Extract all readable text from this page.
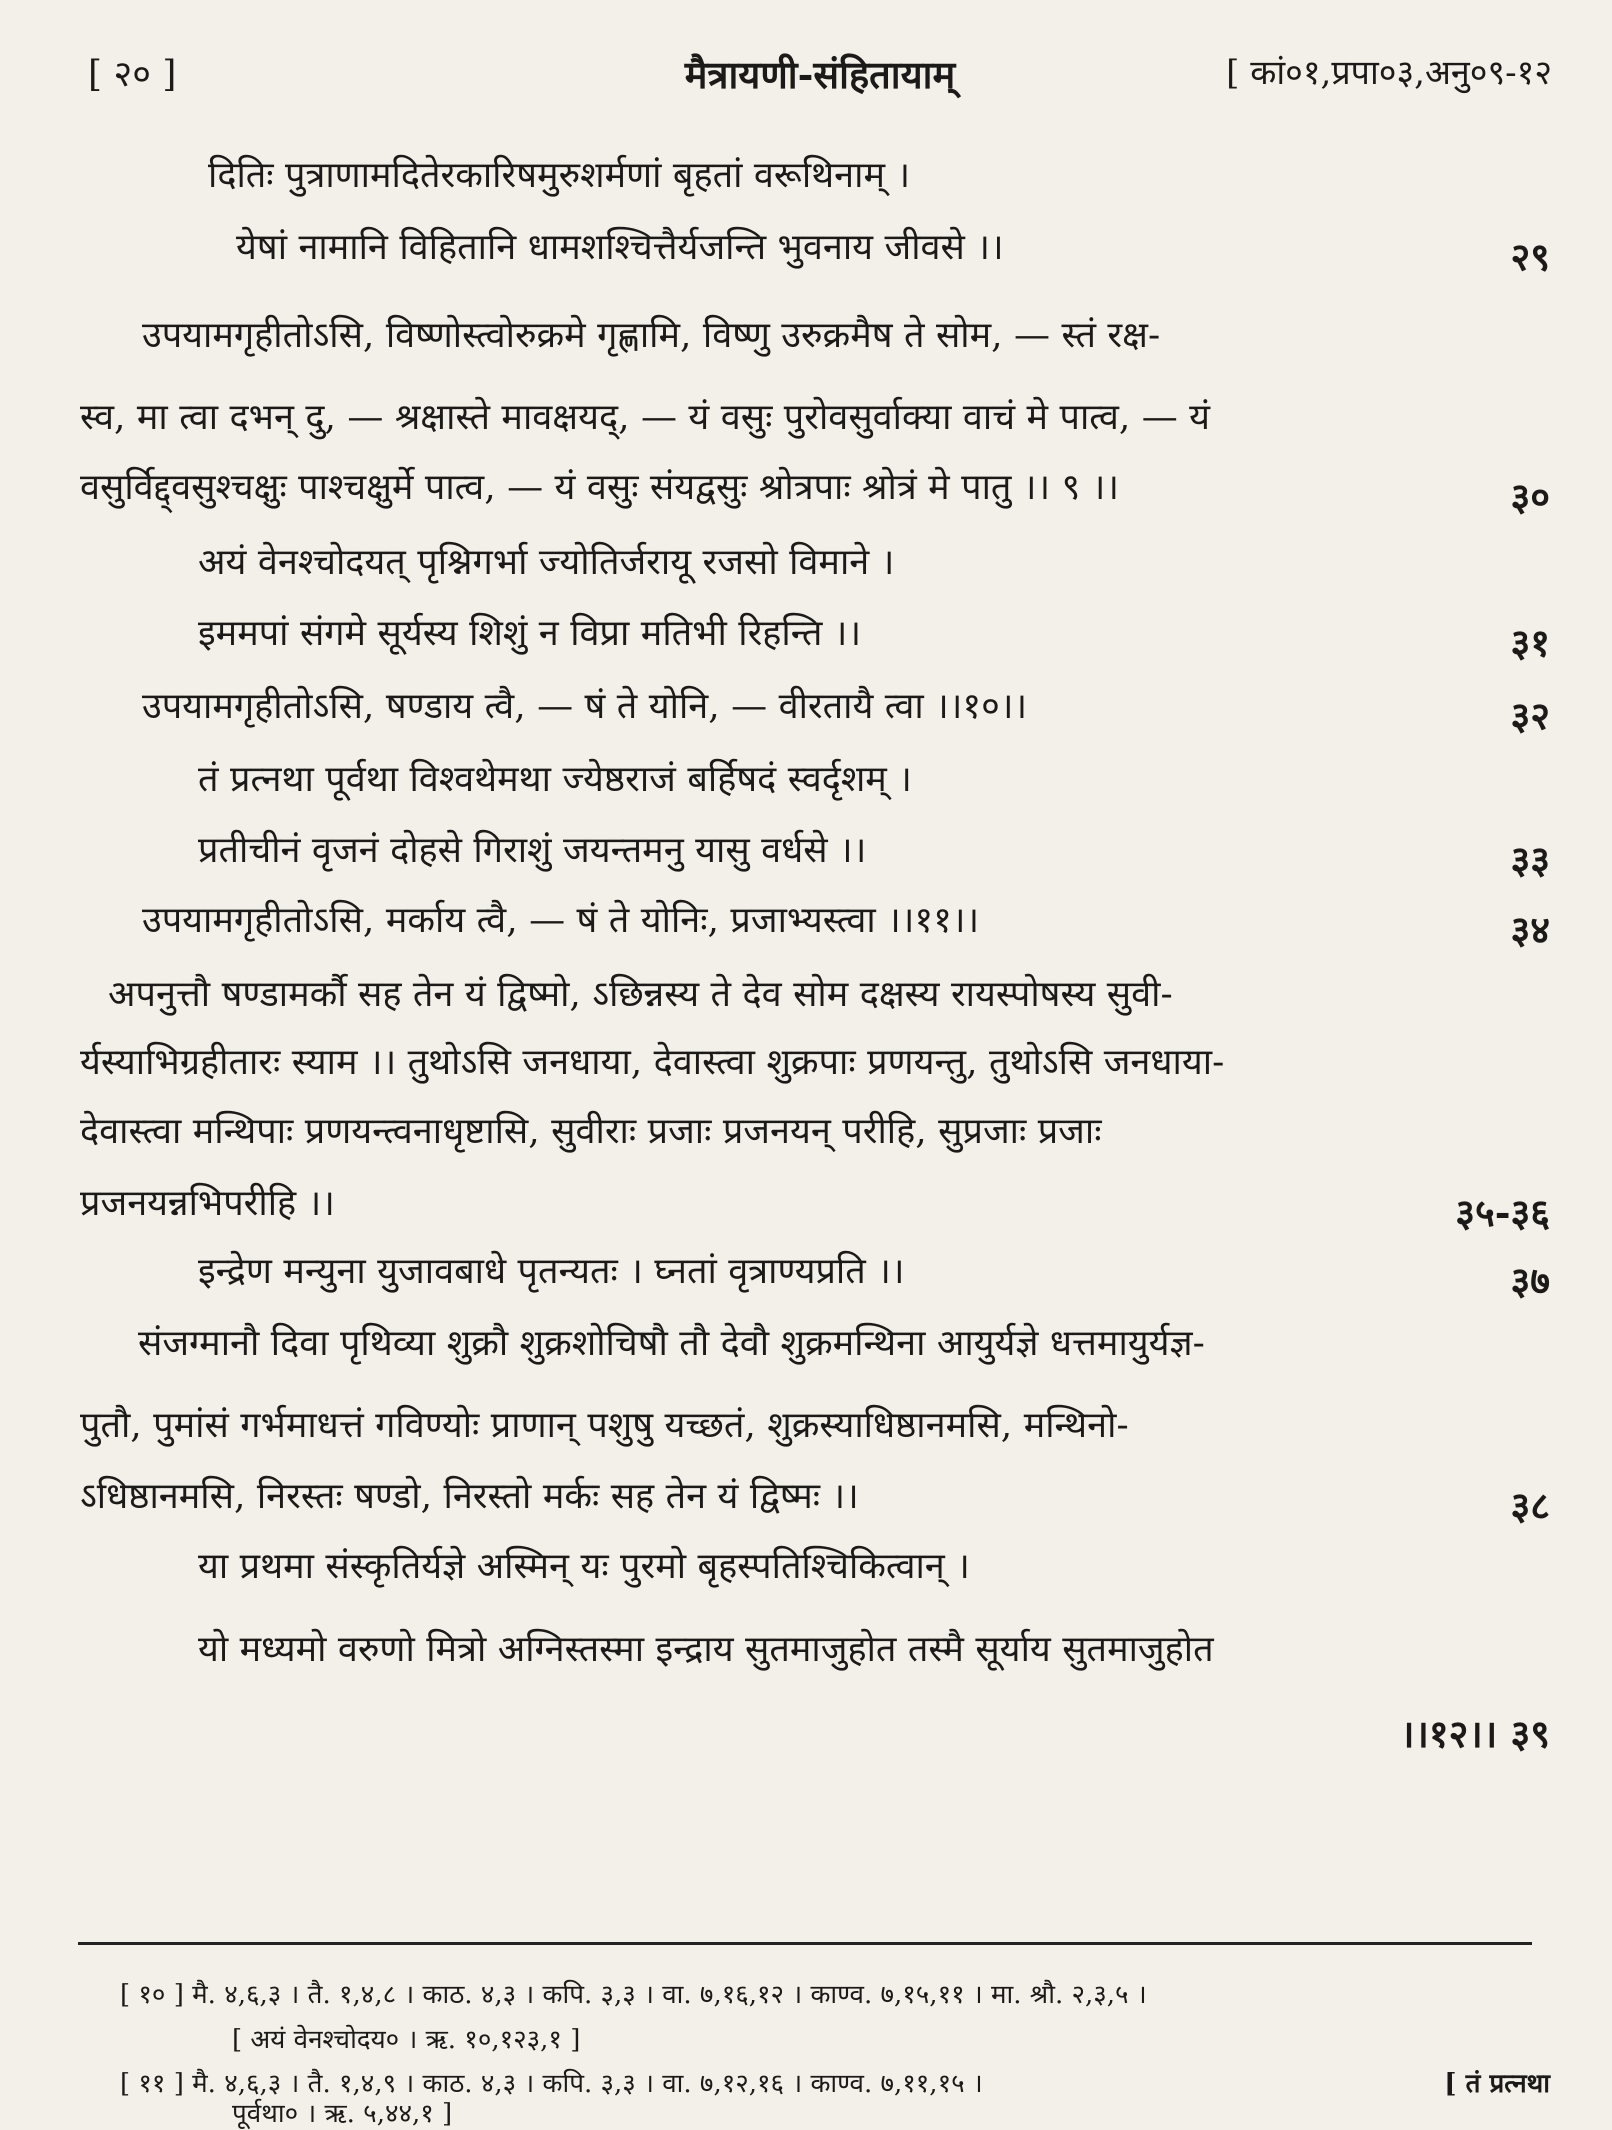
[ २० ]	मैत्रायणी-संहितायाम्	[ कां०१,प्रपा०३,अनु०९-१२
दितिः पुत्राणामदितेरकारिषमुरुशर्मणां बृहतां वरूथिनाम् ।
येषां नामानि विहितानि धामशश्चित्तैर्यजन्ति भुवनाय जीवसे ।।	२९
उपयामगृहीतोऽसि, विष्णोस्त्वोरुक्रमे गृह्णामि, विष्णु उरुक्रमैष ते सोम, — स्तं रक्ष-
स्व, मा त्वा दभन् दु, — श्रक्षास्ते मावक्षयद्, — यं वसुः पुरोवसुर्वाक्या वाचं मे पात्व, — यं
वसुर्विद्द्वसुश्चक्षुः पाश्चक्षुर्मे पात्व, — यं वसुः संयद्वसुः श्रोत्रपाः श्रोत्रं मे पातु ।। ९ ।।	३०
अयं वेनश्चोदयत् पृश्निगर्भा ज्योतिर्जरायू रजसो विमाने ।
इममपां संगमे सूर्यस्य शिशुं न विप्रा मतिभी रिहन्ति ।।	३१
उपयामगृहीतोऽसि, षण्डाय त्वै, — षं ते योनि, — वीरतायै त्वा ।।१०।।	३२
तं प्रत्नथा पूर्वथा विश्वथेमथा ज्येष्ठराजं बर्हिषदं स्वर्दृशम् ।
प्रतीचीनं वृजनं दोहसे गिराशुं जयन्तमनु यासु वर्धसे ।।	३३
उपयामगृहीतोऽसि, मर्काय त्वै, — षं ते योनिः, प्रजाभ्यस्त्वा ।।११।।	३४
अपनुत्तौ षण्डामर्कौ सह तेन यं द्विष्मो, ऽछिन्नस्य ते देव सोम दक्षस्य रायस्पोषस्य सुवी-
र्यस्याभिग्रहीतारः स्याम ।। तुथोऽसि जनधाया, देवास्त्वा शुक्रपाः प्रणयन्तु, तुथोऽसि जनधाया-
देवास्त्वा मन्थिपाः प्रणयन्त्वनाधृष्टासि, सुवीराः प्रजाः प्रजनयन् परीहि, सुप्रजाः प्रजाः
प्रजनयन्नभिपरीहि ।।	३५-३६
इन्द्रेण मन्युना युजावबाधे पृतन्यतः । घ्नतां वृत्राण्यप्रति ।।	३७
संजग्मानौ दिवा पृथिव्या शुक्रौ शुक्रशोचिषौ तौ देवौ शुक्रमन्थिना आयुर्यज्ञे धत्तमायुर्यज्ञ-
पुतौ, पुमांसं गर्भमाधत्तं गविण्योः प्राणान् पशुषु यच्छतं, शुक्रस्याधिष्ठानमसि, मन्थिनो-
ऽधिष्ठानमसि, निरस्तः षण्डो, निरस्तो मर्कः सह तेन यं द्विष्मः ।।	३८
या प्रथमा संस्कृतिर्यज्ञे अस्मिन् यः पुरमो बृहस्पतिश्चिकित्वान् ।
यो मध्यमो वरुणो मित्रो अग्निस्तस्मा इन्द्राय सुतमाजुहोत तस्मै सूर्याय सुतमाजुहोत
।।१२।। ३९
[ १० ] मै. ४,६,३ । तै. १,४,८ । काठ. ४,३ । कपि. ३,३ । वा. ७,१६,१२ । काण्व. ७,१५,११ । मा. श्रौ. २,३,५ ।
[ अयं वेनश्चोदय० । ऋ. १०,१२३,१ ]
[ ११ ] मै. ४,६,३ । तै. १,४,९ । काठ. ४,३ । कपि. ३,३ । वा. ७,१२,१६ । काण्व. ७,११,१५ ।	[ तं प्रत्नथा
पूर्वथा० । ऋ. ५,४४,१ ]
